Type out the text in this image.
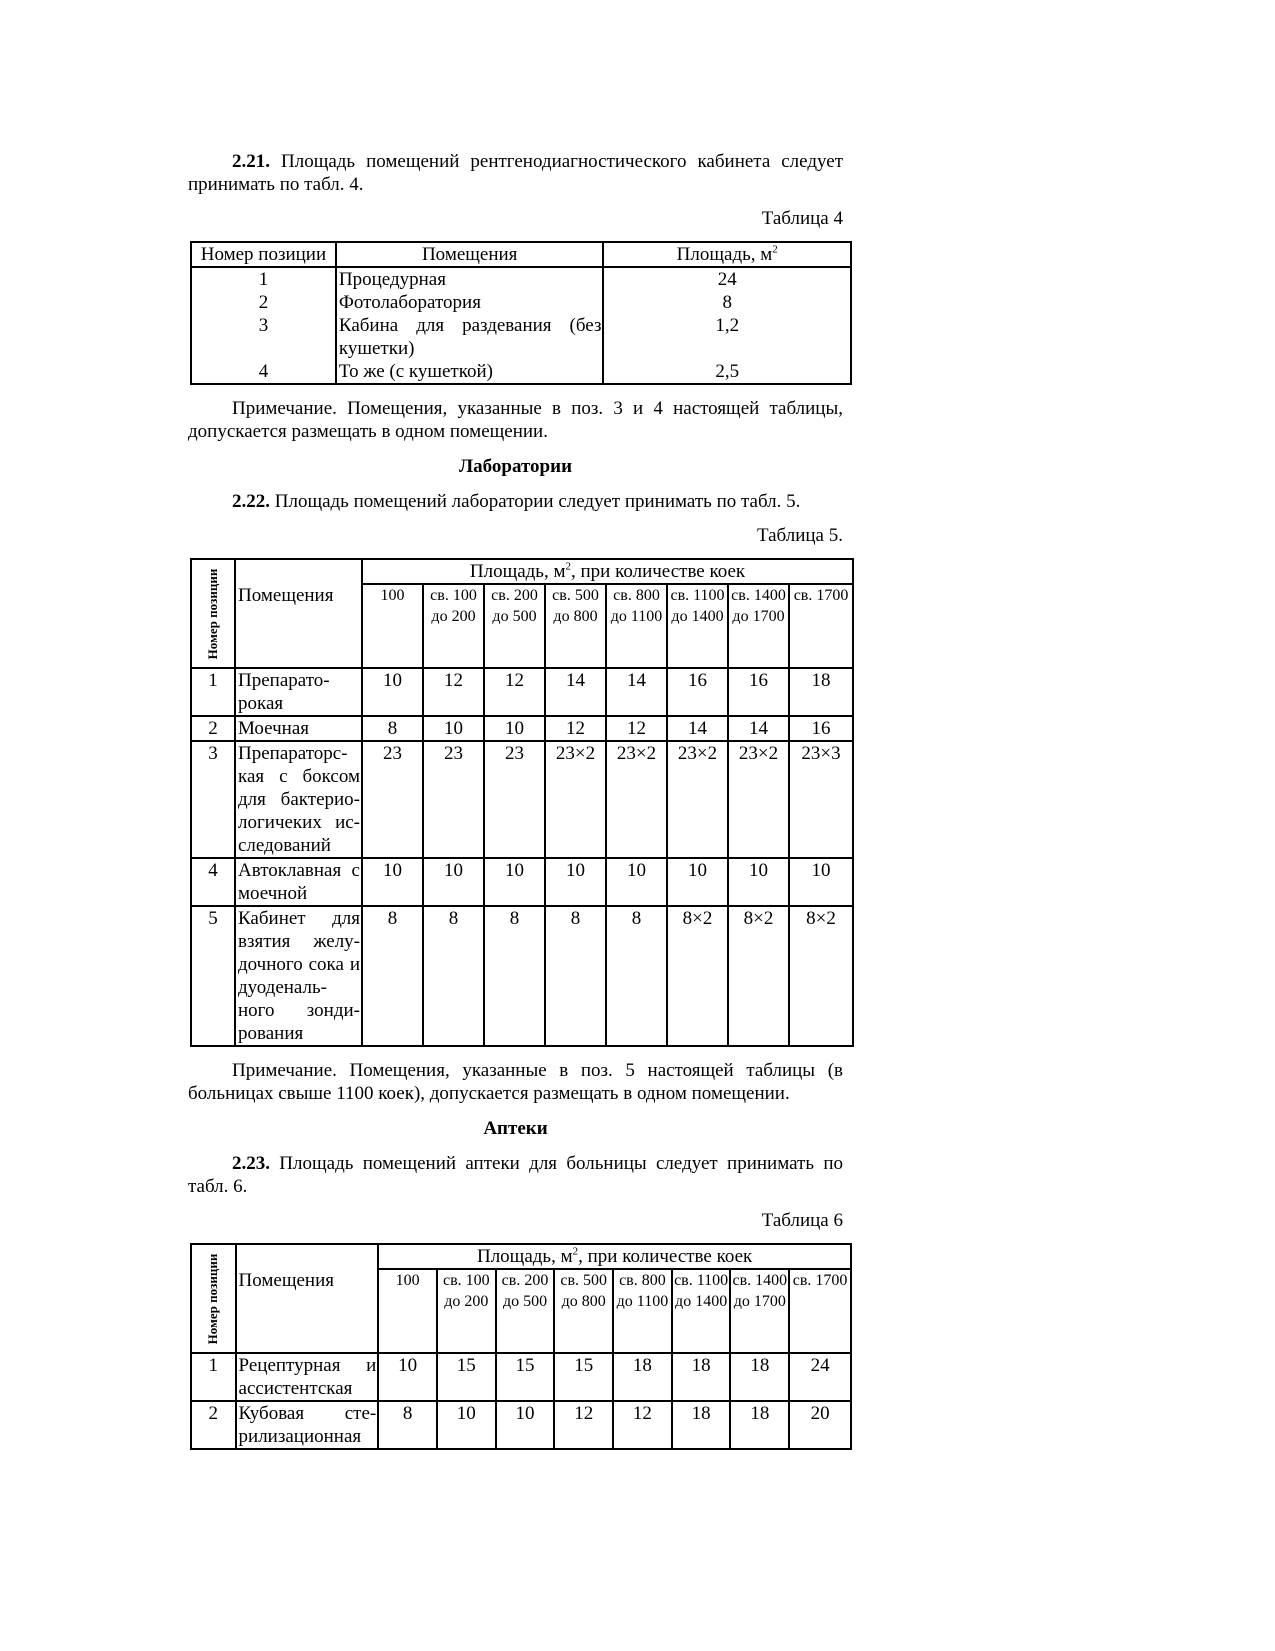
2.21. Площадь помещений рентгенодиагностического кабинета следует принимать по табл. 4.

Таблица 4

Номер позиции	Помещения	Площадь, $м^2$
1	Процедурная	24
2	Фотолаборатория	8

3	Кабина для раздевания (без кушетки)	1,2
4	То же (с кушеткой)	2,5

Примечание. Помещения, указанные в поз. 3 и 4 настоящей таблицы, допускается размещать в одном помещении.

Лаборатории

2.22. Площадь помещений лаборатории следует принимать по табл. 5.

Таблица 5.

Номер позиции	Помещения	Площадь, $м^2$, при количестве коек							
		100	св. 100 до 200	св. 200 до 500	св. 500 до 800	св. 800 до 1100	св. 1100 до 1400	св. 1400 до 1700	св. 1700
1	Препарато-рокая	10	12	12	14	14	16	16	18
2	Моечная	8	10	10	12	12	14	14	16
3	Препараторс-кая с боксом для бактерио-логичеких ис-следований	23	23	23	23×2	23×2	23×2	23×2	23×3
4	Автоклавная с моечной	10	10	10	10	10	10	10	10
5	Кабинет для взятия желу-дочного сока и дуоденаль-ного зонди-рования	8	8	8	8	8	8×2	8×2	8×2

Примечание. Помещения, указанные в поз. 5 настоящей таблицы (в больницах свыше 1100 коек), допускается размещать в одном помещении.

Аптеки

2.23. Площадь помещений аптеки для больницы следует принимать по табл. 6.

Таблица 6

Номер позиции	Помещения	Площадь, $м^2$, при количестве коек							
		100	св. 100 до 200	св. 200 до 500	св. 500 до 800	св. 800 до 1100	св. 1100 до 1400	св. 1400 до 1700	св. 1700
1	Рецептурная и ассистентская	10	15	15	15	18	18	18	24
2	Кубовая сте-рилизационная	8	10	10	12	12	18	18	20
